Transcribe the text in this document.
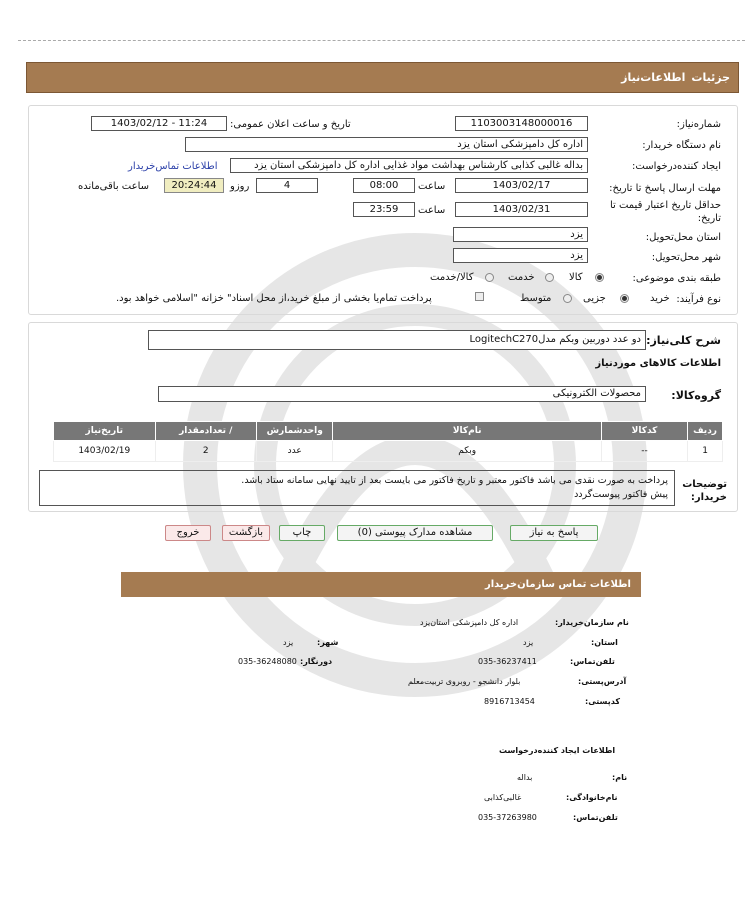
جزئیات
اطلاعات‌نیاز
شماره‌نیاز:
1103003148000016
تاریخ و ساعت اعلان عمومی:
1403/02/12 - 11:24
نام دستگاه‌ خریدار:
اداره کل دامپزشکی استان یزد
ایجاد کننده‌درخواست:
بداله غالبی کذابی کارشناس بهداشت مواد غذایی اداره کل دامپزشکی استان یزد
اطلاعات تماس‌خریدار
مهلت ارسال پاسخ تا تاریخ:
1403/02/17
ساعت
08:00
4
روزو
20:24:44
ساعت باقی‌مانده
حداقل تاریخ اعتبار قیمت تا تاریخ:
1403/02/31
ساعت
23:59
استان محل‌تحویل:
یزد
شهر محل‌تحویل:
یزد
طبقه بندی موضوعی:
کالا
خدمت
کالا/خدمت
نوع فرآیند:
خرید
جزیی
متوسط
پرداخت تمام‌یا بخشی از مبلغ خرید،از محل اسناد" خزانه "اسلامی خواهد بود.
شرح کلی‌نیاز:
دو عدد دوربین وبکم مدلLogitechC270
اطلاعات کالاهای موردنیاز
گروه‌کالا:
محصولات الکترونیکی
ردیف	کدکالا	نام‌کالا	واحدشمارش	/ تعدادمقدار	تاریخ‌نیاز
1	--	وبکم	عدد	2	1403/02/19
توضیحات خریدار:
پرداخت به صورت نقدی می باشد فاکتور معتبر و تاریخ فاکتور می بایست بعد از تایید نهایی سامانه ستاد باشد.
پیش فاکتور پیوست‌گردد
پاسخ به نیاز
مشاهده مدارک پیوستی (0)
چاپ
بازگشت
خروج
اطلاعات تماس سازمان‌خریدار
نام سازمان‌خریدار:
اداره کل دامپزشکی استان‌یزد
استان:
یزد
شهر:
یزد
تلفن‌تماس:
035-36237411
دورنگار:
035-36248080
آدرس‌پستی:
بلوار دانشجو - روبروی تربیت‌معلم
کد‌پستی:
8916713454
اطلاعات ایجاد کننده‌درخواست
نام:
بداله
نام‌خانوادگی:
غالبی‌کذابی
تلفن‌تماس:
035-37263980
